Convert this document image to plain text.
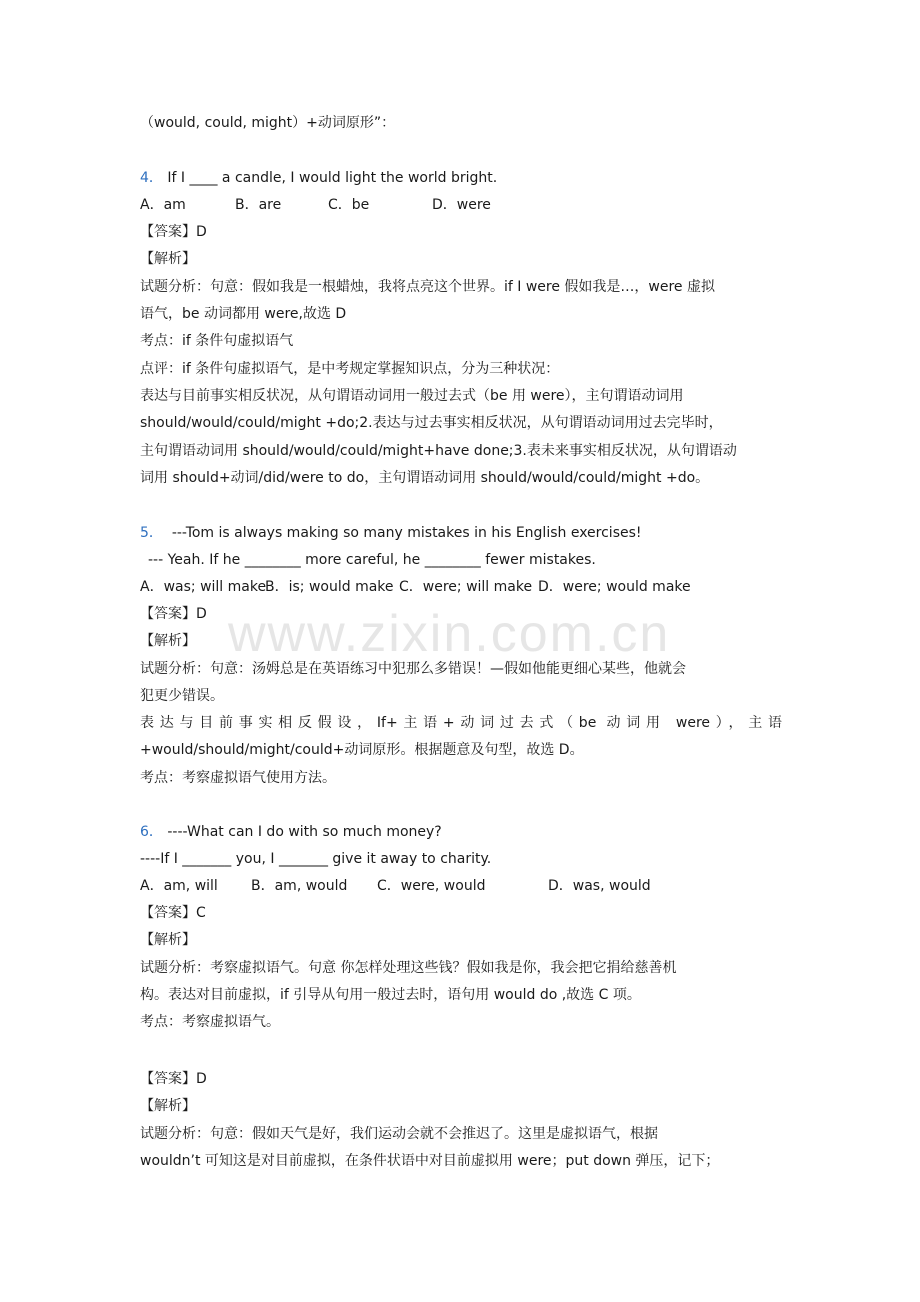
（would, could, might）+动词原形”：

4． If I ____ a candle, I would light the world bright.

A．am	B．are	C．be	D．were

【答案】D

【解析】

试题分析：句意：假如我是一根蜡烛，我将点亮这个世界。if I were 假如我是…，were 虚拟

语气，be 动词都用 were,故选 D

考点：if 条件句虚拟语气

点评：if 条件句虚拟语气，是中考规定掌握知识点，分为三种状况：

表达与目前事实相反状况，从句谓语动词用一般过去式（be 用 were），主句谓语动词用

should/would/could/might +do;2.表达与过去事实相反状况，从句谓语动词用过去完毕时，

主句谓语动词用 should/would/could/might+have done;3.表未来事实相反状况，从句谓语动

词用 should+动词/did/were to do，主句谓语动词用 should/would/could/might +do。

5． ---Tom is always making so many mistakes in his English exercises!

--- Yeah. If he ________ more careful, he ________ fewer mistakes.

A．was; will makeB．is; would make C．were; will make D．were; would make

【答案】D

【解析】

试题分析：句意：汤姆总是在英语练习中犯那么多错误！—假如他能更细心某些，他就会

犯更少错误。

表达与目前事实相反假设，If+主语+动词过去式（be 动词用 were），主语

+would/should/might/could+动词原形。根据题意及句型，故选 D。

考点：考察虚拟语气使用方法。

6． ----What can I do with so much money?

----If I _______ you, I _______ give it away to charity.

A．am, will B．am, would C．were, would	D．was, would

【答案】C

【解析】

试题分析：考察虚拟语气。句意 你怎样处理这些钱？假如我是你，我会把它捐给慈善机

构。表达对目前虚拟，if 引导从句用一般过去时，语句用 would do ,故选 C 项。

考点：考察虚拟语气。

【答案】D

【解析】

试题分析：句意：假如天气是好，我们运动会就不会推迟了。这里是虚拟语气，根据

wouldn’t 可知这是对目前虚拟，在条件状语中对目前虚拟用 were；put down 弹压，记下；

www.zixin.com.cn
